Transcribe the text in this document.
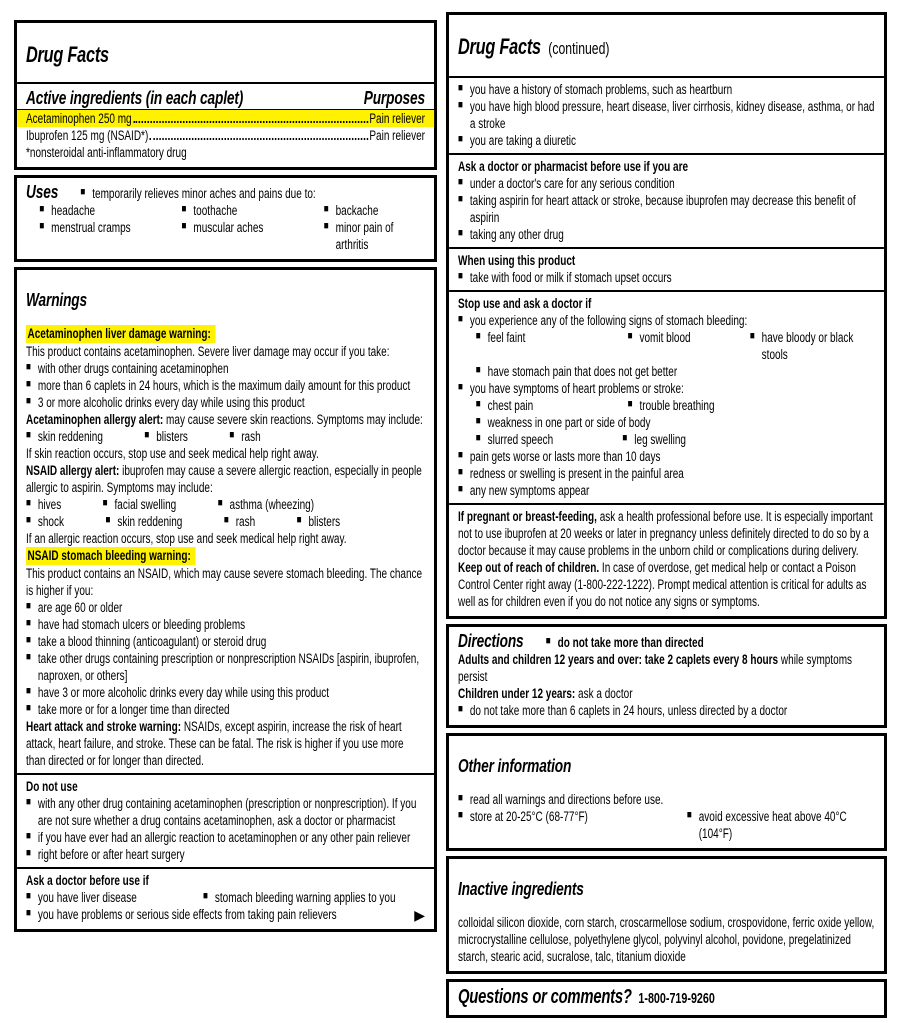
Drug Facts
Active ingredients (in each caplet)	Purposes
Acetaminophen 250 mg	Pain reliever
Ibuprofen 125 mg (NSAID*)	Pain reliever

*nonsteroidal anti-inflammatory drug

Uses	■ temporarily relieves minor aches and pains due to:
■ headache	■ toothache	■ backache
■ menstrual cramps	■ muscular aches	■ minor pain of arthritis
Warnings

Acetaminophen liver damage warning:

This product contains acetaminophen. Severe liver damage may occur if you take:

■ with other drugs containing acetaminophen
■ more than 6 caplets in 24 hours, which is the maximum daily amount for this product
■ 3 or more alcoholic drinks every day while using this product

Acetaminophen allergy alert: may cause severe skin reactions. Symptoms may include:

■ skin reddening	■ blisters	■ rash

If skin reaction occurs, stop use and seek medical help right away.

NSAID allergy alert: ibuprofen may cause a severe allergic reaction, especially in people allergic to aspirin. Symptoms may include:

■ hives	■ facial swelling	■ asthma (wheezing)
■ shock	■ skin reddening	■ rash	■ blisters

If an allergic reaction occurs, stop use and seek medical help right away.

NSAID stomach bleeding warning:

This product contains an NSAID, which may cause severe stomach bleeding. The chance is higher if you:

■ are age 60 or older
■ have had stomach ulcers or bleeding problems
■ take a blood thinning (anticoagulant) or steroid drug
■ take other drugs containing prescription or nonprescription NSAIDs [aspirin, ibuprofen, naproxen, or others]
■ have 3 or more alcoholic drinks every day while using this product
■ take more or for a longer time than directed

Heart attack and stroke warning: NSAIDs, except aspirin, increase the risk of heart attack, heart failure, and stroke. These can be fatal. The risk is higher if you use more than directed or for longer than directed.

Do not use

■ with any other drug containing acetaminophen (prescription or nonprescription). If you are not sure whether a drug contains acetaminophen, ask a doctor or pharmacist
■ if you have ever had an allergic reaction to acetaminophen or any other pain reliever
■ right before or after heart surgery

Ask a doctor before use if

■ you have liver disease	■ stomach bleeding warning applies to you
■ you have problems or serious side effects from taking pain relievers	▶
Drug Facts (continued)
■ you have a history of stomach problems, such as heartburn
■ you have high blood pressure, heart disease, liver cirrhosis, kidney disease, asthma, or had a stroke
■ you are taking a diuretic

Ask a doctor or pharmacist before use if you are

■ under a doctor's care for any serious condition
■ taking aspirin for heart attack or stroke, because ibuprofen may decrease this benefit of aspirin
■ taking any other drug

When using this product

■ take with food or milk if stomach upset occurs

Stop use and ask a doctor if

■ you experience any of the following signs of stomach bleeding:
■ feel faint	■ vomit blood	■ have bloody or black stools
■ have stomach pain that does not get better
■ you have symptoms of heart problems or stroke:
■ chest pain	■ trouble breathing
■ weakness in one part or side of body
■ slurred speech	■ leg swelling
■ pain gets worse or lasts more than 10 days
■ redness or swelling is present in the painful area
■ any new symptoms appear

If pregnant or breast-feeding, ask a health professional before use. It is especially important not to use ibuprofen at 20 weeks or later in pregnancy unless definitely directed to do so by a doctor because it may cause problems in the unborn child or complications during delivery.

Keep out of reach of children. In case of overdose, get medical help or contact a Poison Control Center right away (1-800-222-1222). Prompt medical attention is critical for adults as well as for children even if you do not notice any signs or symptoms.

Directions	■ do not take more than directed

Adults and children 12 years and over: take 2 caplets every 8 hours while symptoms persist

Children under 12 years: ask a doctor

■ do not take more than 6 caplets in 24 hours, unless directed by a doctor
Other information
■ read all warnings and directions before use.
■ store at 20-25°C (68-77°F)	■ avoid excessive heat above 40°C (104°F)
Inactive ingredients

colloidal silicon dioxide, corn starch, croscarmellose sodium, crospovidone, ferric oxide yellow, microcrystalline cellulose, polyethylene glycol, polyvinyl alcohol, povidone, pregelatinized starch, stearic acid, sucralose, talc, titanium dioxide

Questions or comments? 1-800-719-9260
